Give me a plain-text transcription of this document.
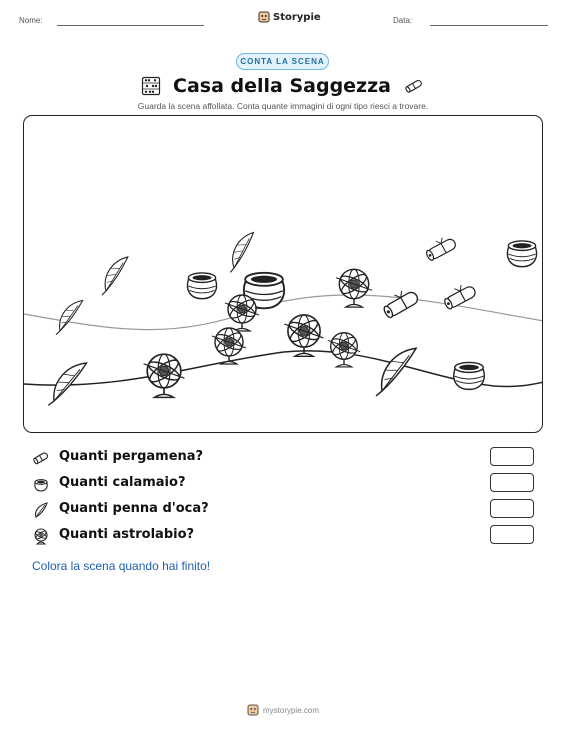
Nome:	Storypie	Data:
CONTA LA SCENA
Casa della Saggezza
Guarda la scena affollata. Conta quante immagini di ogni tipo riesci a trovare.
Quanti pergamena?
Quanti calamaio?
Quanti penna d'oca?
Quanti astrolabio?
Colora la scena quando hai finito!
mystorypie.com
